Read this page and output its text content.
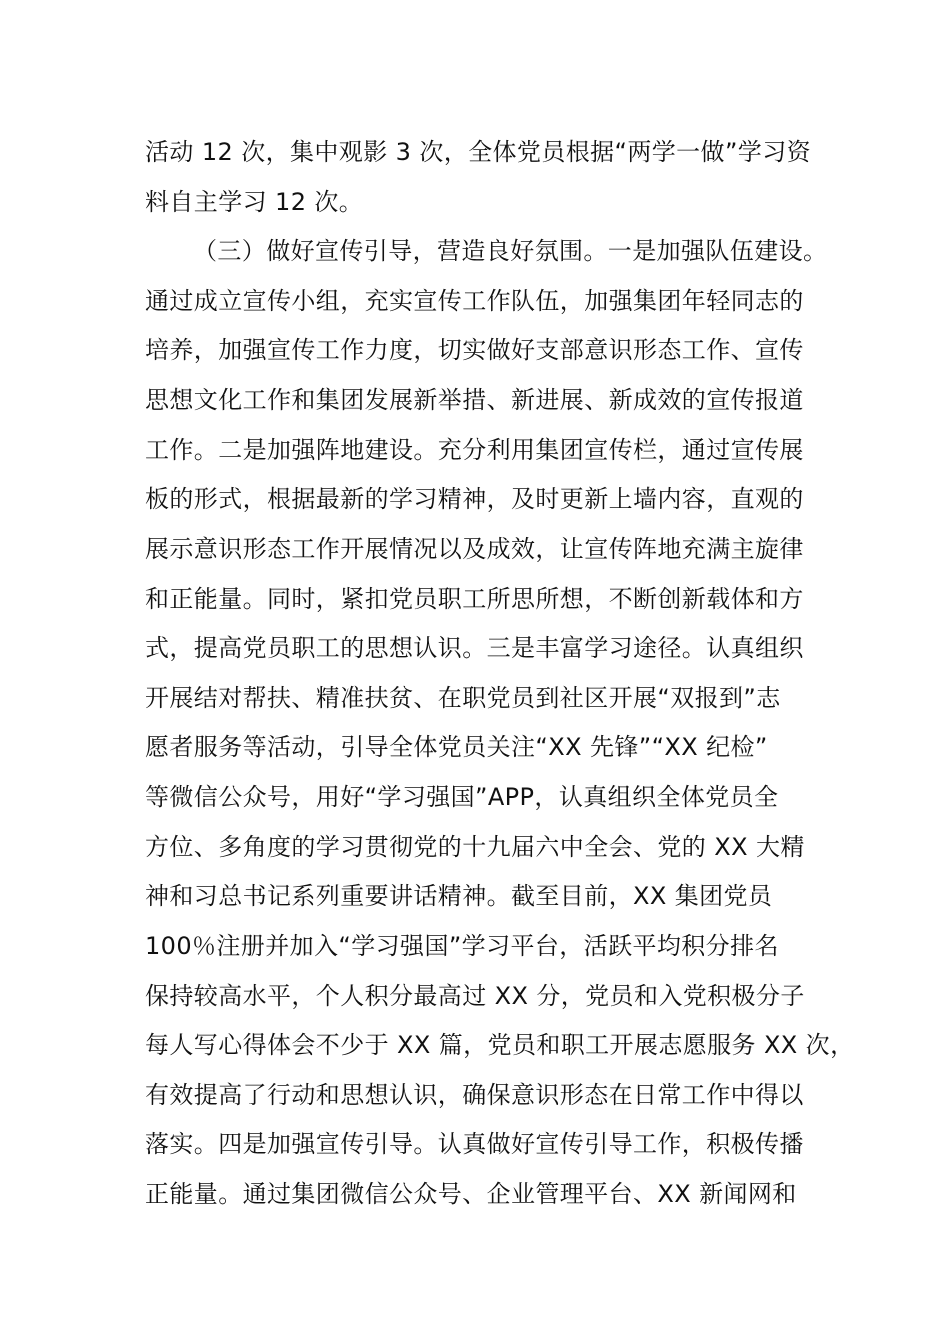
活动 12 次，集中观影 3 次，全体党员根据“两学一做”学习资
料自主学习 12 次。
（三）做好宣传引导，营造良好氛围。一是加强队伍建设。
通过成立宣传小组，充实宣传工作队伍，加强集团年轻同志的
培养，加强宣传工作力度，切实做好支部意识形态工作、宣传
思想文化工作和集团发展新举措、新进展、新成效的宣传报道
工作。二是加强阵地建设。充分利用集团宣传栏，通过宣传展
板的形式，根据最新的学习精神，及时更新上墙内容，直观的
展示意识形态工作开展情况以及成效，让宣传阵地充满主旋律
和正能量。同时，紧扣党员职工所思所想，不断创新载体和方
式，提高党员职工的思想认识。三是丰富学习途径。认真组织
开展结对帮扶、精准扶贫、在职党员到社区开展“双报到”志
愿者服务等活动，引导全体党员关注“XX 先锋”“XX 纪检”
等微信公众号，用好“学习强国”APP，认真组织全体党员全
方位、多角度的学习贯彻党的十九届六中全会、党的 XX 大精
神和习总书记系列重要讲话精神。截至目前，XX 集团党员
100％注册并加入“学习强国”学习平台，活跃平均积分排名
保持较高水平，个人积分最高过 XX 分，党员和入党积极分子
每人写心得体会不少于 XX 篇，党员和职工开展志愿服务 XX 次，
有效提高了行动和思想认识，确保意识形态在日常工作中得以
落实。四是加强宣传引导。认真做好宣传引导工作，积极传播
正能量。通过集团微信公众号、企业管理平台、XX 新闻网和
